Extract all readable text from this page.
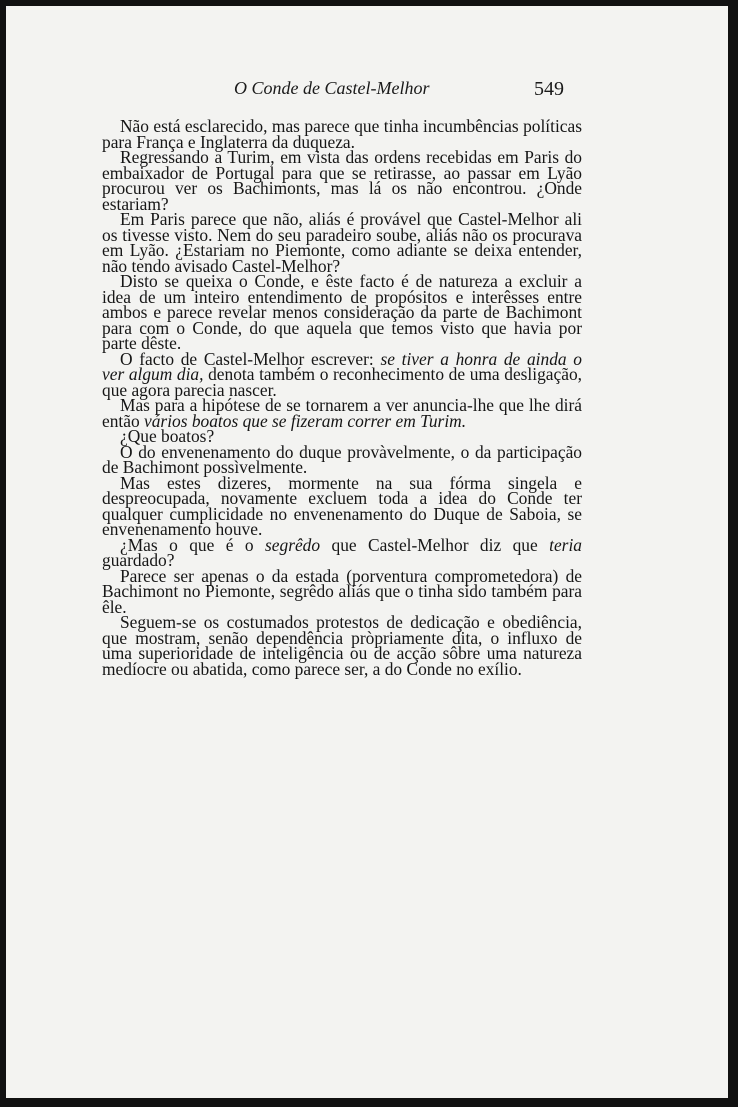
O Conde de Castel-Melhor	549

Não está esclarecido, mas parece que tinha incumbências políticas para França e Inglaterra da duqueza.

Regressando a Turim, em vista das ordens recebidas em Paris do embaixador de Portugal para que se retirasse, ao passar em Lyão procurou ver os Bachimonts, mas lá os não encontrou. ¿Onde estariam?

Em Paris parece que não, aliás é provável que Castel-Melhor ali os tivesse visto. Nem do seu paradeiro soube, aliás não os procurava em Lyão. ¿Estariam no Piemonte, como adiante se deixa entender, não tendo avisado Castel-Melhor?

Disto se queixa o Conde, e êste facto é de natureza a excluir a idea de um inteiro entendimento de propósitos e interêsses entre ambos e parece revelar menos consideração da parte de Bachimont para com o Conde, do que aquela que temos visto que havia por parte dêste.

O facto de Castel-Melhor escrever: se tiver a honra de ainda o ver algum dia, denota também o reconhecimento de uma desligação, que agora parecia nascer.

Mas para a hipótese de se tornarem a ver anuncia-lhe que lhe dirá então vários boatos que se fizeram correr em Turim.

¿Que boatos?

O do envenenamento do duque provàvelmente, o da participação de Bachimont possìvelmente.

Mas estes dizeres, mormente na sua fórma singela e despreocupada, novamente excluem toda a idea do Conde ter qualquer cumplicidade no envenenamento do Duque de Saboia, se envenenamento houve.

¿Mas o que é o segrêdo que Castel-Melhor diz que teria guardado?

Parece ser apenas o da estada (porventura comprometedora) de Bachimont no Piemonte, segrêdo aliás que o tinha sido também para êle.

Seguem-se os costumados protestos de dedicação e obediência, que mostram, senão dependência pròpriamente dita, o influxo de uma superioridade de inteligência ou de acção sôbre uma natureza medíocre ou abatida, como parece ser, a do Conde no exílio.
